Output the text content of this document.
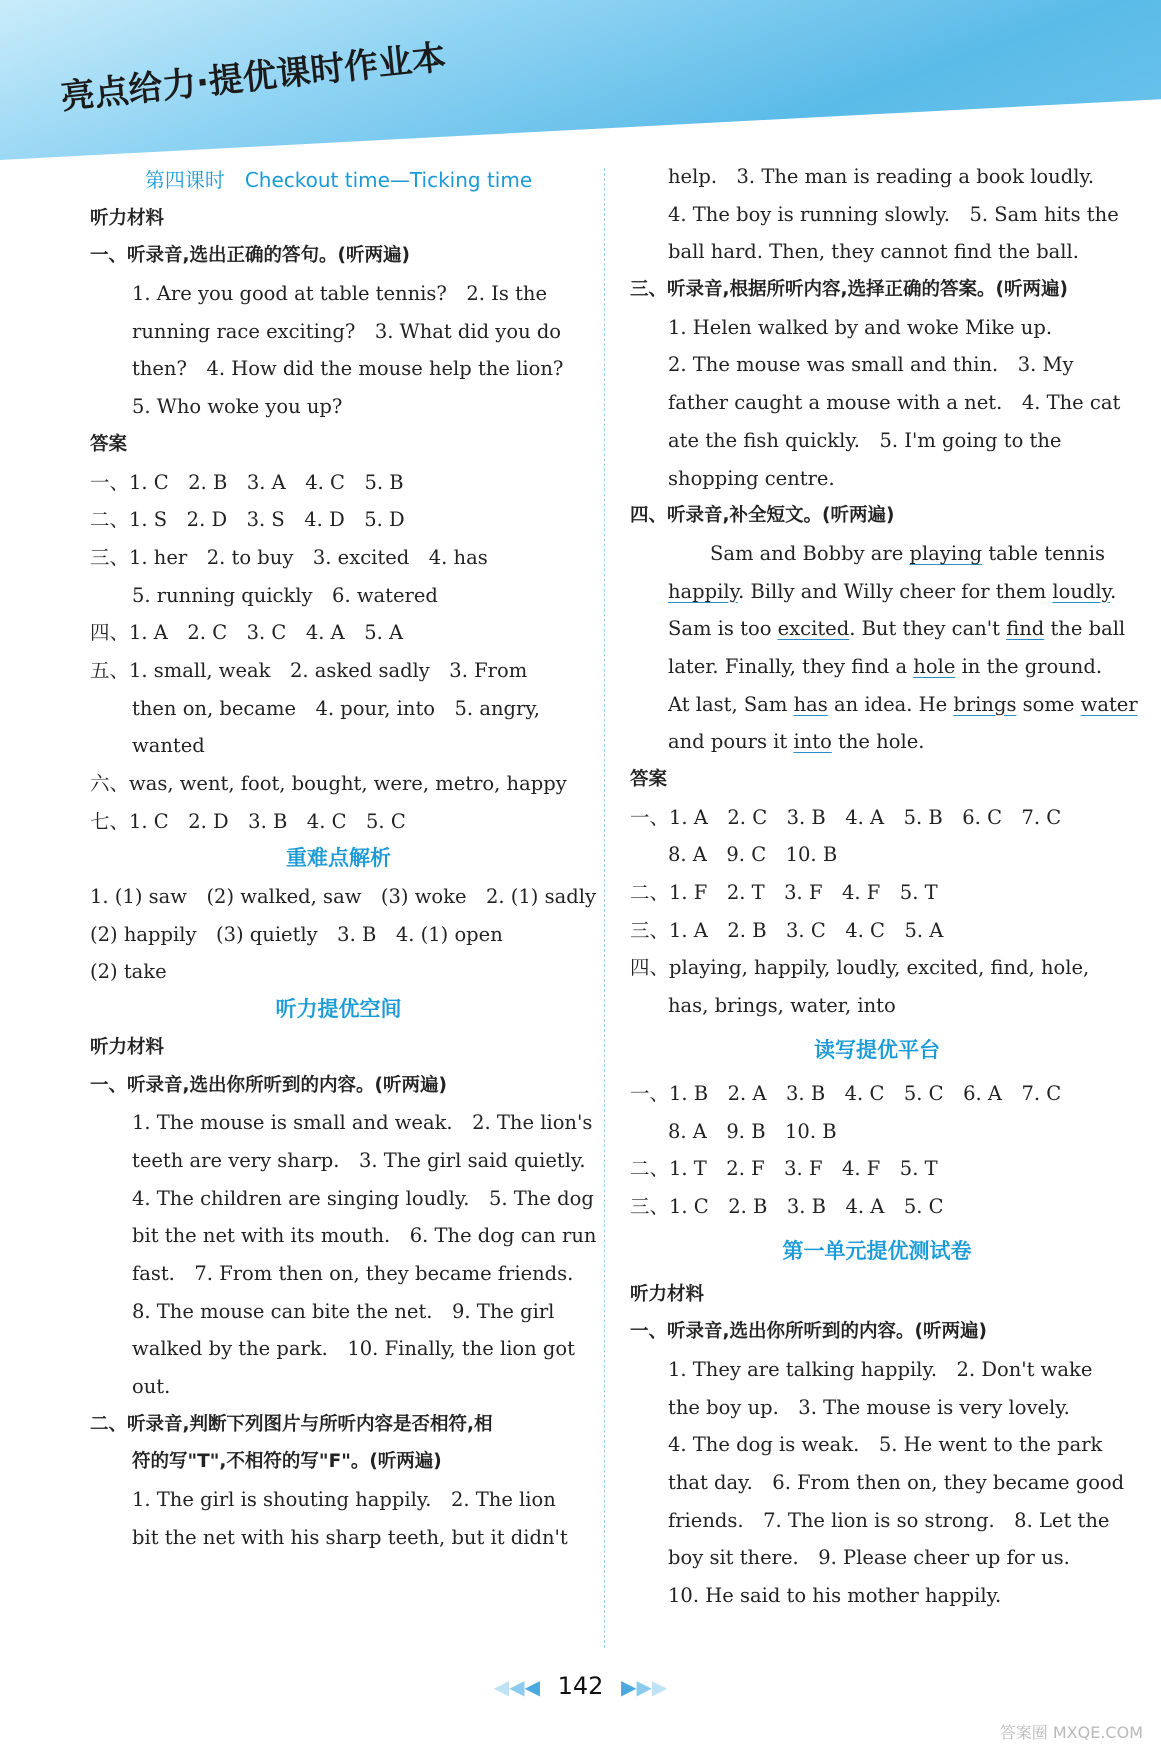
亮点给力·提优课时作业本
第四课时　Checkout time—Ticking time
听力材料
一、听录音,选出正确的答句。(听两遍)
1. Are you good at table tennis?　2. Is the
running race exciting?　3. What did you do
then?　4. How did the mouse help the lion?
5. Who woke you up?
答案
一、1. C　2. B　3. A　4. C　5. B
二、1. S　2. D　3. S　4. D　5. D
三、1. her　2. to buy　3. excited　4. has
5. running quickly　6. watered
四、1. A　2. C　3. C　4. A　5. A
五、1. small, weak　2. asked sadly　3. From
then on, became　4. pour, into　5. angry,
wanted
六、was, went, foot, bought, were, metro, happy
七、1. C　2. D　3. B　4. C　5. C
重难点解析
1. (1) saw　(2) walked, saw　(3) woke　2. (1) sadly
(2) happily　(3) quietly　3. B　4. (1) open
(2) take
听力提优空间
听力材料
一、听录音,选出你所听到的内容。(听两遍)
1. The mouse is small and weak.　2. The lion's
teeth are very sharp.　3. The girl said quietly.
4. The children are singing loudly.　5. The dog
bit the net with its mouth.　6. The dog can run
fast.　7. From then on, they became friends.
8. The mouse can bite the net.　9. The girl
walked by the park.　10. Finally, the lion got
out.
二、听录音,判断下列图片与所听内容是否相符,相
符的写"T",不相符的写"F"。(听两遍)
1. The girl is shouting happily.　2. The lion
bit the net with his sharp teeth, but it didn't
help.　3. The man is reading a book loudly.
4. The boy is running slowly.　5. Sam hits the
ball hard. Then, they cannot find the ball.
三、听录音,根据所听内容,选择正确的答案。(听两遍)
1. Helen walked by and woke Mike up.
2. The mouse was small and thin.　3. My
father caught a mouse with a net.　4. The cat
ate the fish quickly.　5. I'm going to the
shopping centre.
四、听录音,补全短文。(听两遍)
Sam and Bobby are playing table tennis
happily. Billy and Willy cheer for them loudly.
Sam is too excited. But they can't find the ball
later. Finally, they find a hole in the ground.
At last, Sam has an idea. He brings some water
and pours it into the hole.
答案
一、1. A　2. C　3. B　4. A　5. B　6. C　7. C
8. A　9. C　10. B
二、1. F　2. T　3. F　4. F　5. T
三、1. A　2. B　3. C　4. C　5. A
四、playing, happily, loudly, excited, find, hole,
has, brings, water, into
读写提优平台
一、1. B　2. A　3. B　4. C　5. C　6. A　7. C
8. A　9. B　10. B
二、1. T　2. F　3. F　4. F　5. T
三、1. C　2. B　3. B　4. A　5. C
第一单元提优测试卷
听力材料
一、听录音,选出你所听到的内容。(听两遍)
1. They are talking happily.　2. Don't wake
the boy up.　3. The mouse is very lovely.
4. The dog is weak.　5. He went to the park
that day.　6. From then on, they became good
friends.　7. The lion is so strong.　8. Let the
boy sit there.　9. Please cheer up for us.
10. He said to his mother happily.
◀◀◀ 142 ▶▶▶
答案圈 MXQE.COM
